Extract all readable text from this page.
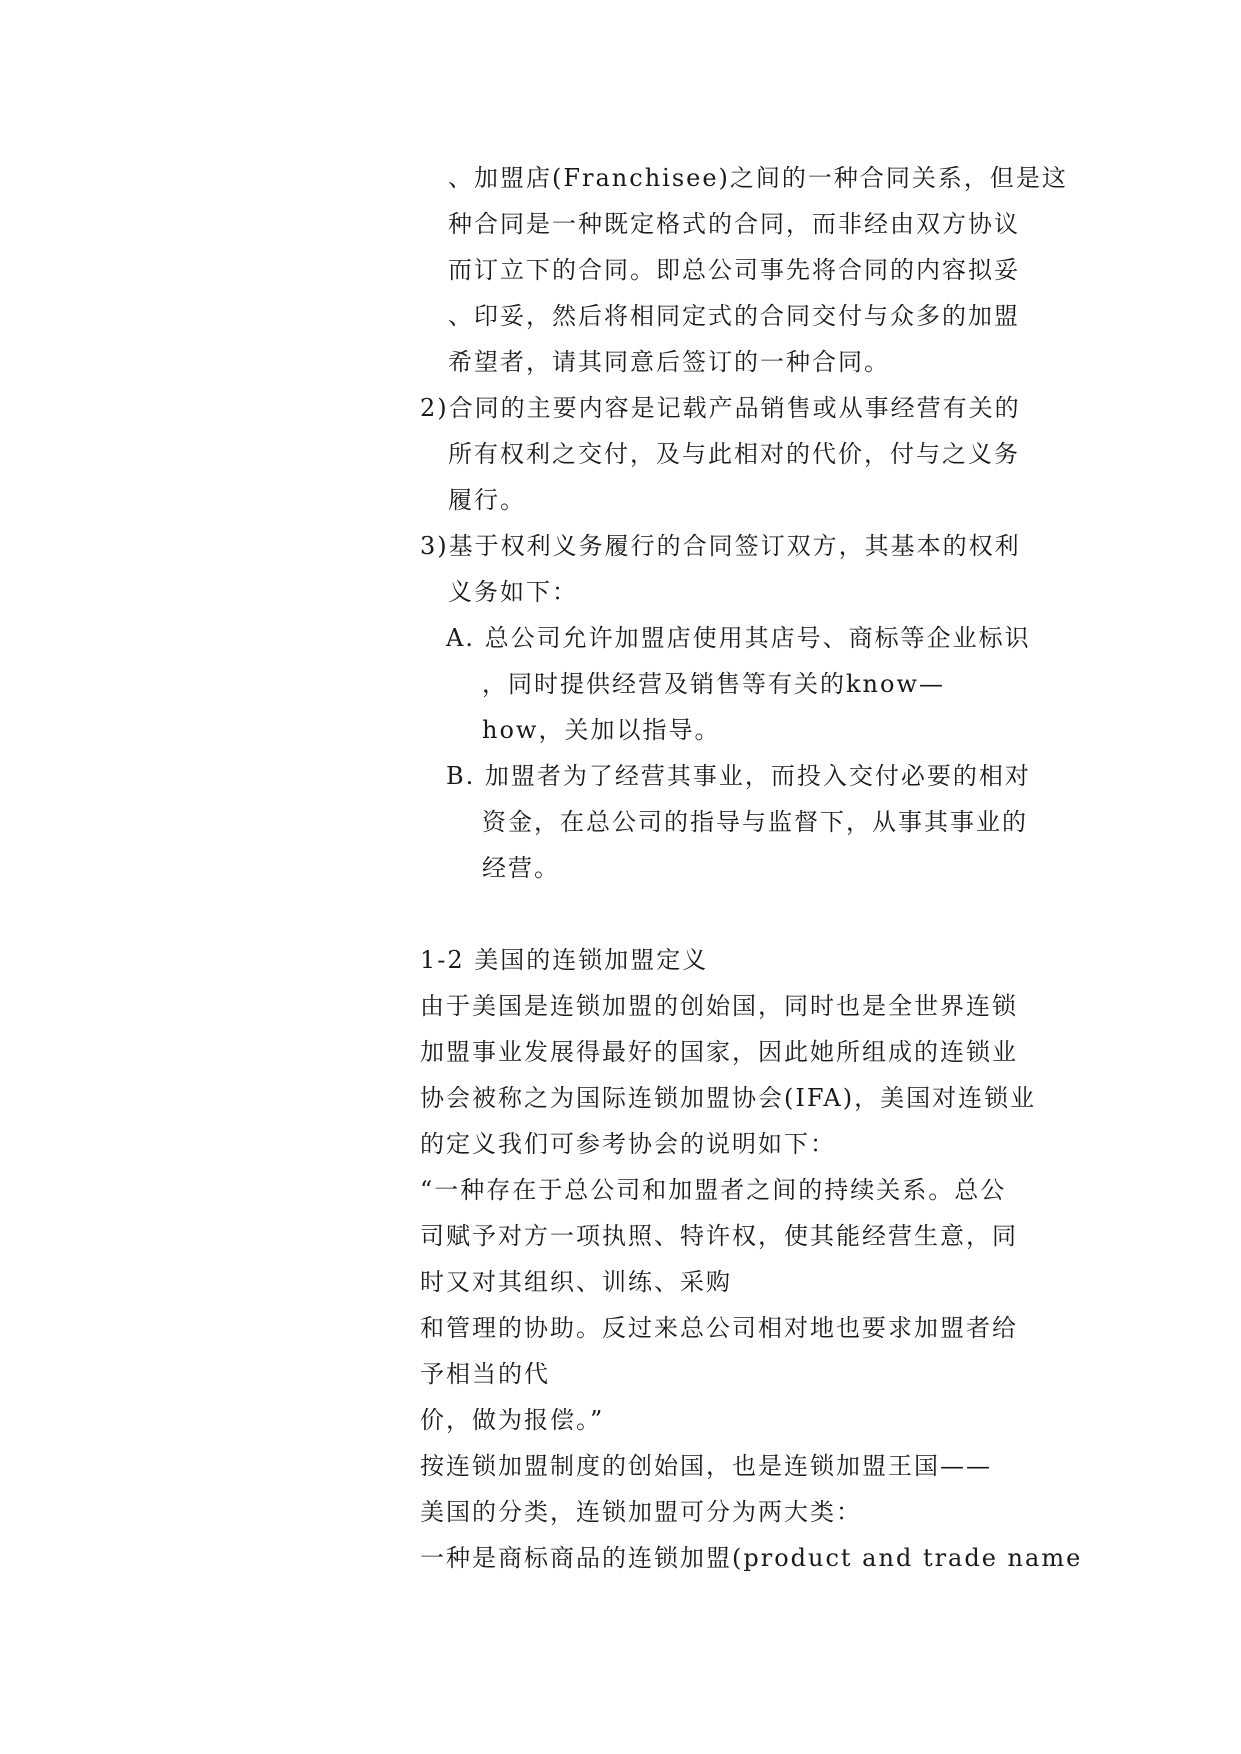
、加盟店(Franchisee)之间的一种合同关系，但是这
种合同是一种既定格式的合同，而非经由双方协议
而订立下的合同。即总公司事先将合同的内容拟妥
、印妥，然后将相同定式的合同交付与众多的加盟
希望者，请其同意后签订的一种合同。
2)合同的主要内容是记载产品销售或从事经营有关的
所有权利之交付，及与此相对的代价，付与之义务
履行。
3)基于权利义务履行的合同签订双方，其基本的权利
义务如下：
A. 总公司允许加盟店使用其店号、商标等企业标识
，同时提供经营及销售等有关的know—
how，关加以指导。
B. 加盟者为了经营其事业，而投入交付必要的相对
资金，在总公司的指导与监督下，从事其事业的
经营。
1-2 美国的连锁加盟定义
由于美国是连锁加盟的创始国，同时也是全世界连锁
加盟事业发展得最好的国家，因此她所组成的连锁业
协会被称之为国际连锁加盟协会(IFA)，美国对连锁业
的定义我们可参考协会的说明如下：
“一种存在于总公司和加盟者之间的持续关系。总公
司赋予对方一项执照、特许权，使其能经营生意，同
时又对其组织、训练、采购
和管理的协助。反过来总公司相对地也要求加盟者给
予相当的代
价，做为报偿。”
按连锁加盟制度的创始国，也是连锁加盟王国——
美国的分类，连锁加盟可分为两大类：
一种是商标商品的连锁加盟(product and trade name
